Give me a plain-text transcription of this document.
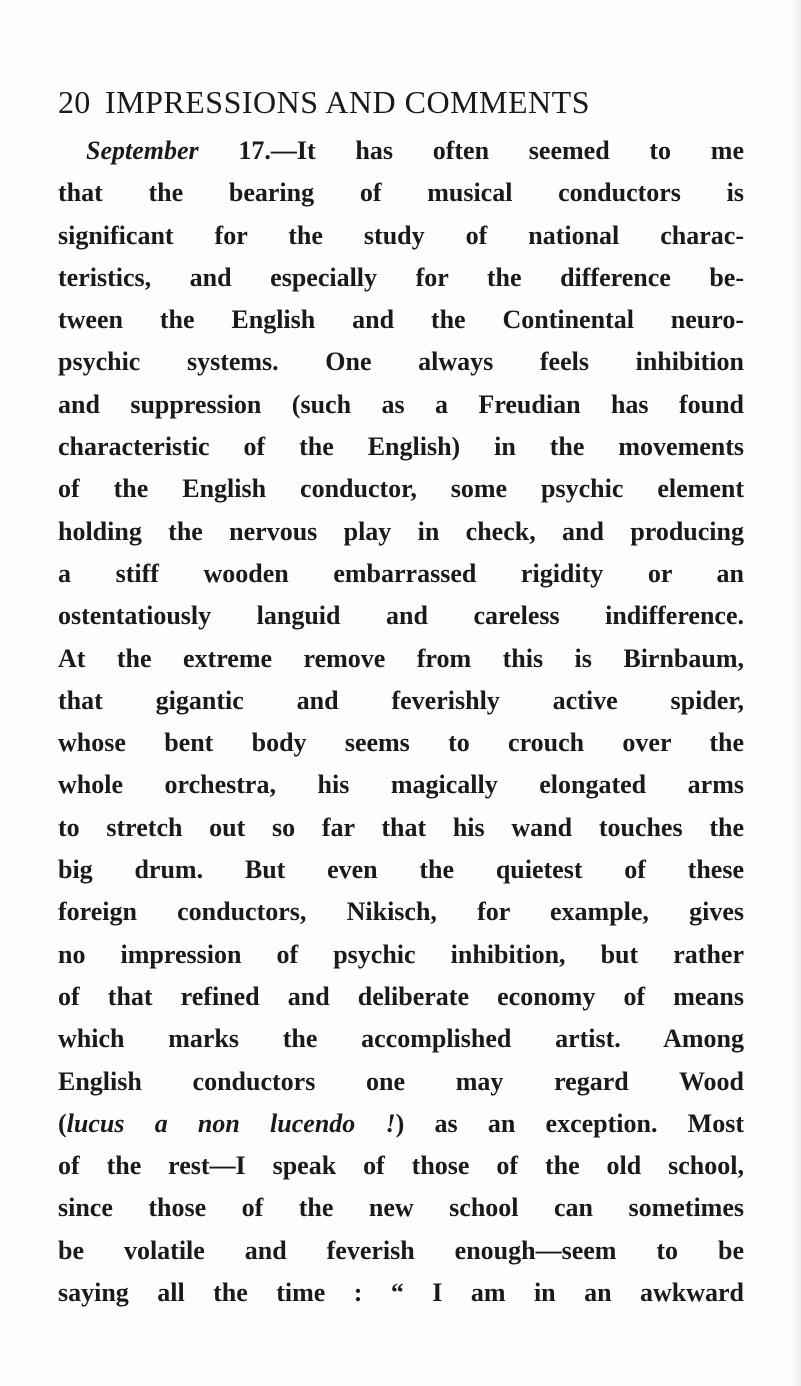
20 IMPRESSIONS AND COMMENTS
September 17.—It has often seemed to me
that the bearing of musical conductors is
significant for the study of national charac-
teristics, and especially for the difference be-
tween the English and the Continental neuro-
psychic systems. One always feels inhibition
and suppression (such as a Freudian has found
characteristic of the English) in the movements
of the English conductor, some psychic element
holding the nervous play in check, and producing
a stiff wooden embarrassed rigidity or an
ostentatiously languid and careless indifference.
At the extreme remove from this is Birnbaum,
that gigantic and feverishly active spider,
whose bent body seems to crouch over the
whole orchestra, his magically elongated arms
to stretch out so far that his wand touches the
big drum. But even the quietest of these
foreign conductors, Nikisch, for example, gives
no impression of psychic inhibition, but rather
of that refined and deliberate economy of means
which marks the accomplished artist. Among
English conductors one may regard Wood
(lucus a non lucendo !) as an exception. Most
of the rest—I speak of those of the old school,
since those of the new school can sometimes
be volatile and feverish enough—seem to be
saying all the time : “ I am in an awkward
